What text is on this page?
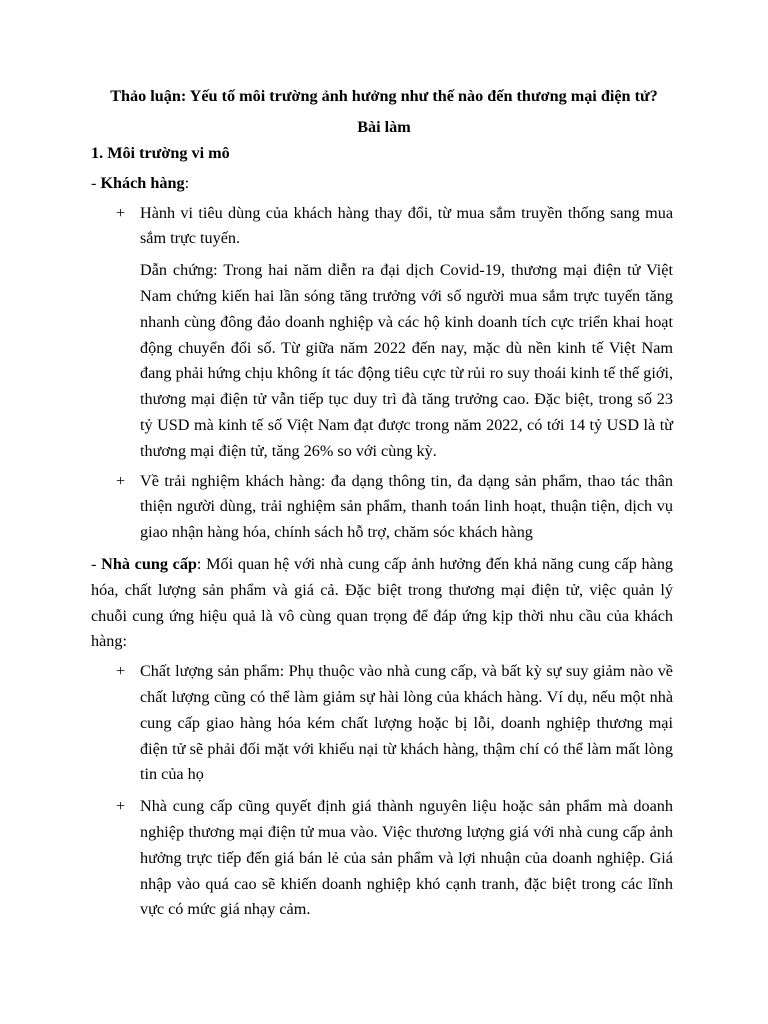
Thảo luận: Yếu tố môi trường ảnh hưởng như thế nào đến thương mại điện tử?

Bài làm

1. Môi trường vi mô

- Khách hàng:

+ Hành vi tiêu dùng của khách hàng thay đổi, từ mua sắm truyền thống sang mua sắm trực tuyến.

Dẫn chứng: Trong hai năm diễn ra đại dịch Covid-19, thương mại điện tử Việt Nam chứng kiến hai lần sóng tăng trưởng với số người mua sắm trực tuyến tăng nhanh cùng đông đảo doanh nghiệp và các hộ kinh doanh tích cực triển khai hoạt động chuyển đổi số. Từ giữa năm 2022 đến nay, mặc dù nền kinh tế Việt Nam đang phải hứng chịu không ít tác động tiêu cực từ rủi ro suy thoái kinh tế thế giới, thương mại điện tử vẫn tiếp tục duy trì đà tăng trưởng cao. Đặc biệt, trong số 23 tỷ USD mà kinh tế số Việt Nam đạt được trong năm 2022, có tới 14 tỷ USD là từ thương mại điện tử, tăng 26% so với cùng kỳ.

+ Về trải nghiệm khách hàng: đa dạng thông tin, đa dạng sản phẩm, thao tác thân thiện người dùng, trải nghiệm sản phẩm, thanh toán linh hoạt, thuận tiện, dịch vụ giao nhận hàng hóa, chính sách hỗ trợ, chăm sóc khách hàng

- Nhà cung cấp: Mối quan hệ với nhà cung cấp ảnh hưởng đến khả năng cung cấp hàng hóa, chất lượng sản phẩm và giá cả. Đặc biệt trong thương mại điện tử, việc quản lý chuỗi cung ứng hiệu quả là vô cùng quan trọng để đáp ứng kịp thời nhu cầu của khách hàng:

+ Chất lượng sản phẩm: Phụ thuộc vào nhà cung cấp, và bất kỳ sự suy giảm nào về chất lượng cũng có thể làm giảm sự hài lòng của khách hàng. Ví dụ, nếu một nhà cung cấp giao hàng hóa kém chất lượng hoặc bị lỗi, doanh nghiệp thương mại điện tử sẽ phải đối mặt với khiếu nại từ khách hàng, thậm chí có thể làm mất lòng tin của họ

+ Nhà cung cấp cũng quyết định giá thành nguyên liệu hoặc sản phẩm mà doanh nghiệp thương mại điện tử mua vào. Việc thương lượng giá với nhà cung cấp ảnh hưởng trực tiếp đến giá bán lẻ của sản phẩm và lợi nhuận của doanh nghiệp. Giá nhập vào quá cao sẽ khiến doanh nghiệp khó cạnh tranh, đặc biệt trong các lĩnh vực có mức giá nhạy cảm.
